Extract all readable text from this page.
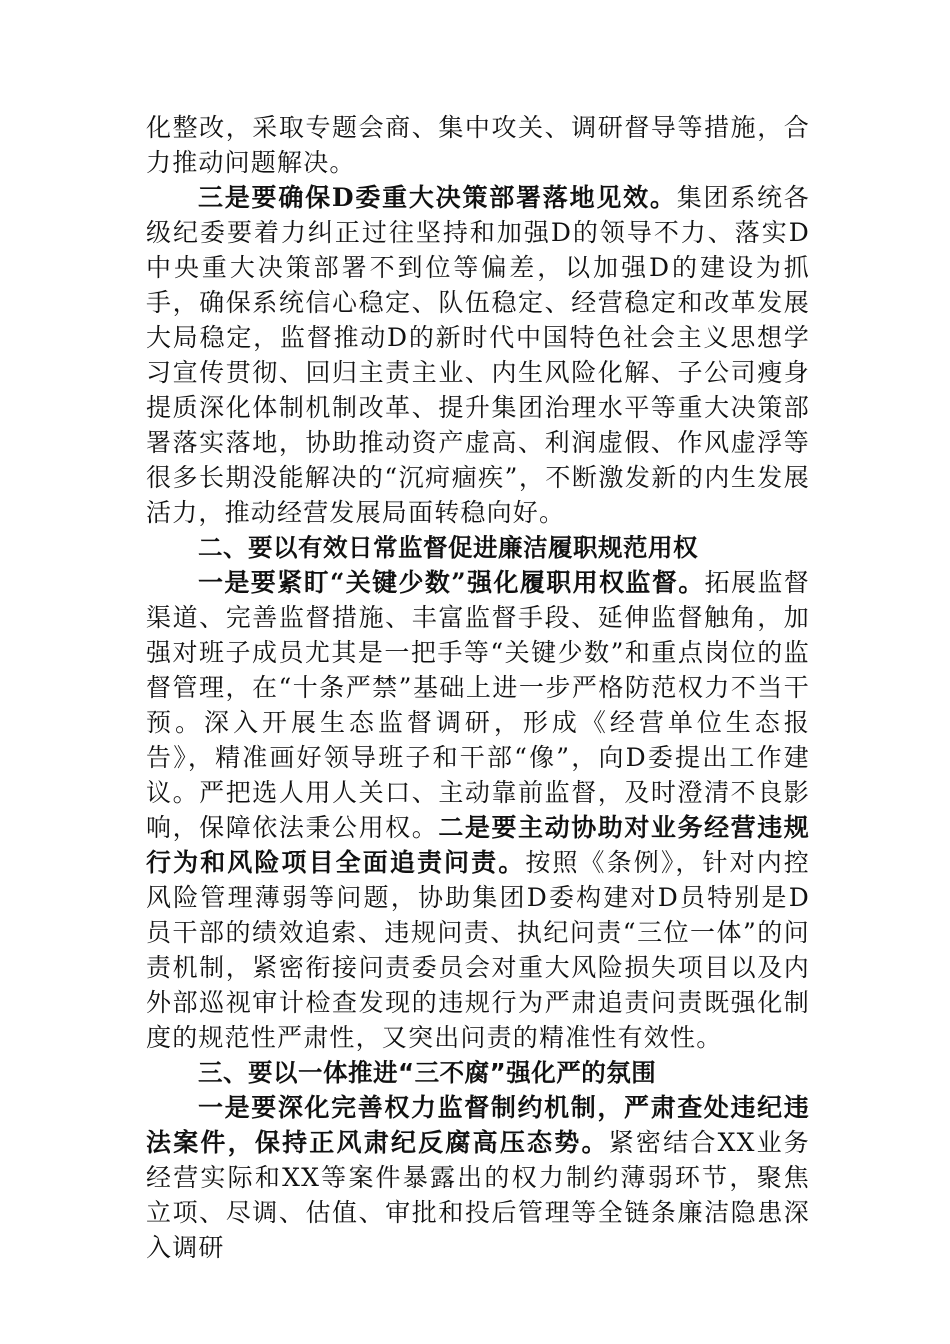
化整改，采取专题会商、集中攻关、调研督导等措施，合力推动问题解决。

三是要确保D委重大决策部署落地见效。集团系统各级纪委要着力纠正过往坚持和加强D的领导不力、落实D中央重大决策部署不到位等偏差，以加强D的建设为抓手，确保系统信心稳定、队伍稳定、经营稳定和改革发展大局稳定，监督推动D的新时代中国特色社会主义思想学习宣传贯彻、回归主责主业、内生风险化解、子公司瘦身提质深化体制机制改革、提升集团治理水平等重大决策部署落实落地，协助推动资产虚高、利润虚假、作风虚浮等很多长期没能解决的“沉疴痼疾”，不断激发新的内生发展活力，推动经营发展局面转稳向好。

二、要以有效日常监督促进廉洁履职规范用权

一是要紧盯“关键少数”强化履职用权监督。拓展监督渠道、完善监督措施、丰富监督手段、延伸监督触角，加强对班子成员尤其是一把手等“关键少数”和重点岗位的监督管理，在“十条严禁”基础上进一步严格防范权力不当干预。深入开展生态监督调研，形成《经营单位生态报告》，精准画好领导班子和干部“像”，向D委提出工作建议。严把选人用人关口、主动靠前监督，及时澄清不良影响，保障依法秉公用权。二是要主动协助对业务经营违规行为和风险项目全面追责问责。按照《条例》，针对内控风险管理薄弱等问题，协助集团D委构建对D员特别是D员干部的绩效追索、违规问责、执纪问责“三位一体”的问责机制，紧密衔接问责委员会对重大风险损失项目以及内外部巡视审计检查发现的违规行为严肃追责问责既强化制度的规范性严肃性，又突出问责的精准性有效性。

三、要以一体推进“三不腐”强化严的氛围

一是要深化完善权力监督制约机制，严肃查处违纪违法案件，保持正风肃纪反腐高压态势。紧密结合XX业务经营实际和XX等案件暴露出的权力制约薄弱环节，聚焦立项、尽调、估值、审批和投后管理等全链条廉洁隐患深入调研
